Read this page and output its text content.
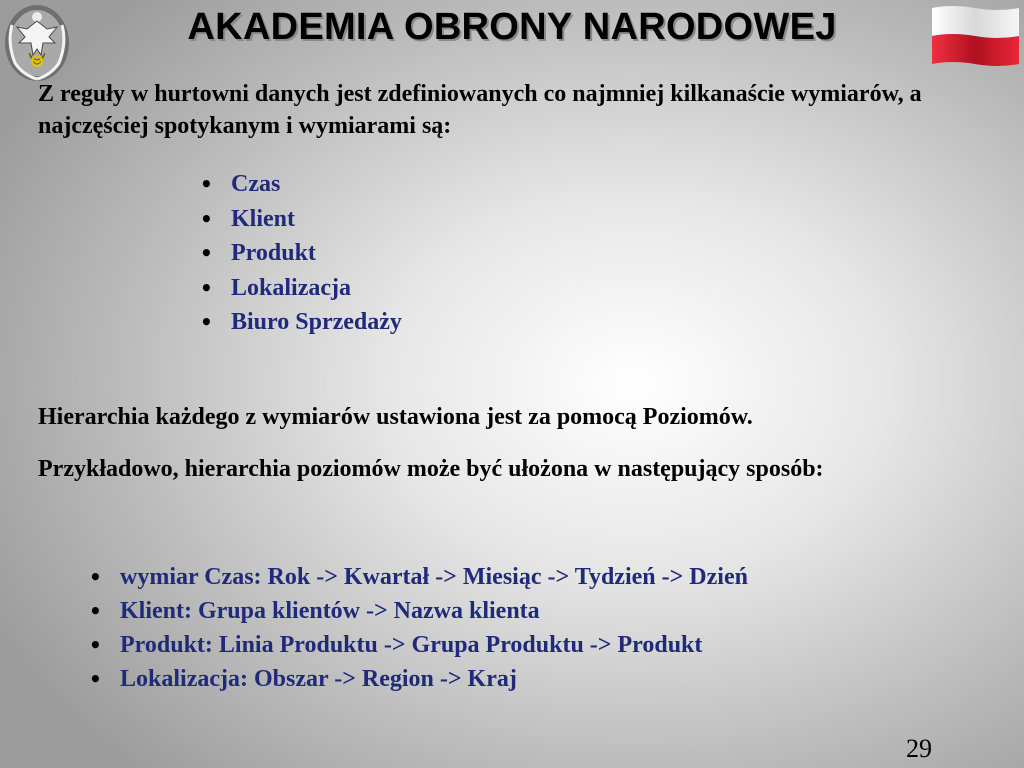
AKADEMIA OBRONY NARODOWEJ

Z reguły w hurtowni danych jest zdefiniowanych co najmniej kilkanaście wymiarów, a najczęściej spotykanym i wymiarami są:

• Czas
• Klient
• Produkt
• Lokalizacja
• Biuro Sprzedaży

Hierarchia każdego z wymiarów ustawiona jest za pomocą Poziomów.

Przykładowo, hierarchia poziomów może być ułożona w następujący sposób:

• wymiar Czas: Rok -> Kwartał -> Miesiąc -> Tydzień -> Dzień
• Klient: Grupa klientów -> Nazwa klienta
• Produkt: Linia Produktu -> Grupa Produktu -> Produkt
• Lokalizacja: Obszar -> Region -> Kraj
29
